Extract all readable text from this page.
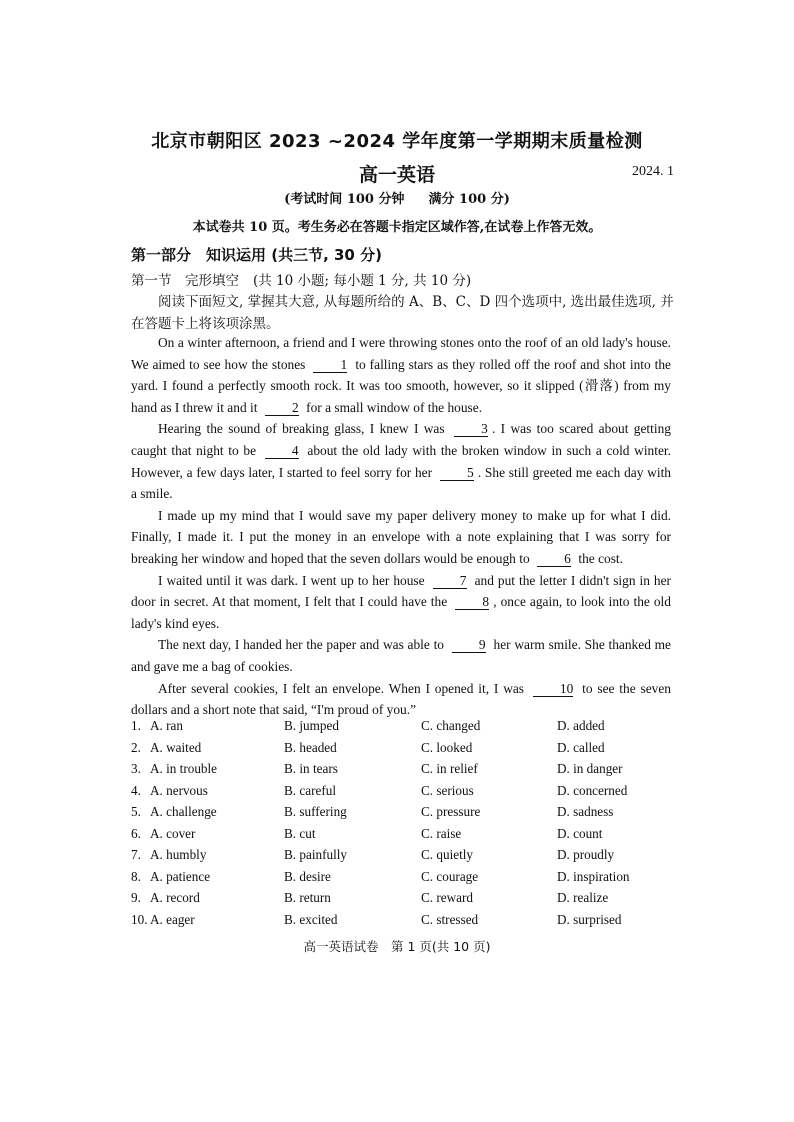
北京市朝阳区 2023 ~2024 学年度第一学期期末质量检测
高一英语	2024. 1
(考试时间 100 分钟 满分 100 分)
本试卷共 10 页。考生务必在答题卡指定区域作答,在试卷上作答无效。
第一部分　知识运用 (共三节, 30 分)
第一节　完形填空 (共 10 小题; 每小题 1 分, 共 10 分)
阅读下面短文, 掌握其大意, 从每题所给的 A、B、C、D 四个选项中, 选出最佳选项, 并在答题卡上将该项涂黑。

On a winter afternoon, a friend and I were throwing stones onto the roof of an old lady's house. We aimed to see how the stones	1 to falling stars as they rolled off the roof and shot into the yard. I found a perfectly smooth rock. It was too smooth, however, so it slipped (滑落) from my hand as I threw it and it	2 for a small window of the house.

Hearing the sound of breaking glass, I knew I was	3 . I was too scared about getting caught that night to be	4 about the old lady with the broken window in such a cold winter. However, a few days later, I started to feel sorry for her	5 . She still greeted me each day with a smile.

I made up my mind that I would save my paper delivery money to make up for what I did. Finally, I made it. I put the money in an envelope with a note explaining that I was sorry for breaking her window and hoped that the seven dollars would be enough to	6 the cost.

I waited until it was dark. I went up to her house	7 and put the letter I didn't sign in her door in secret. At that moment, I felt that I could have the	8 , once again, to look into the old lady's kind eyes.

The next day, I handed her the paper and was able to	9 her warm smile. She thanked me and gave me a bag of cookies.

After several cookies, I felt an envelope. When I opened it, I was	10 to see the seven dollars and a short note that said, “I'm proud of you.”

1. A. ran	B. jumped	C. changed	D. added
2. A. waited	B. headed	C. looked	D. called
3. A. in trouble	B. in tears	C. in relief	D. in danger
4. A. nervous	B. careful	C. serious	D. concerned
5. A. challenge	B. suffering	C. pressure	D. sadness
6. A. cover	B. cut	C. raise	D. count
7. A. humbly	B. painfully	C. quietly	D. proudly
8. A. patience	B. desire	C. courage	D. inspiration
9. A. record	B. return	C. reward	D. realize
10. A. eager	B. excited	C. stressed	D. surprised
高一英语试卷　第 1 页(共 10 页)
